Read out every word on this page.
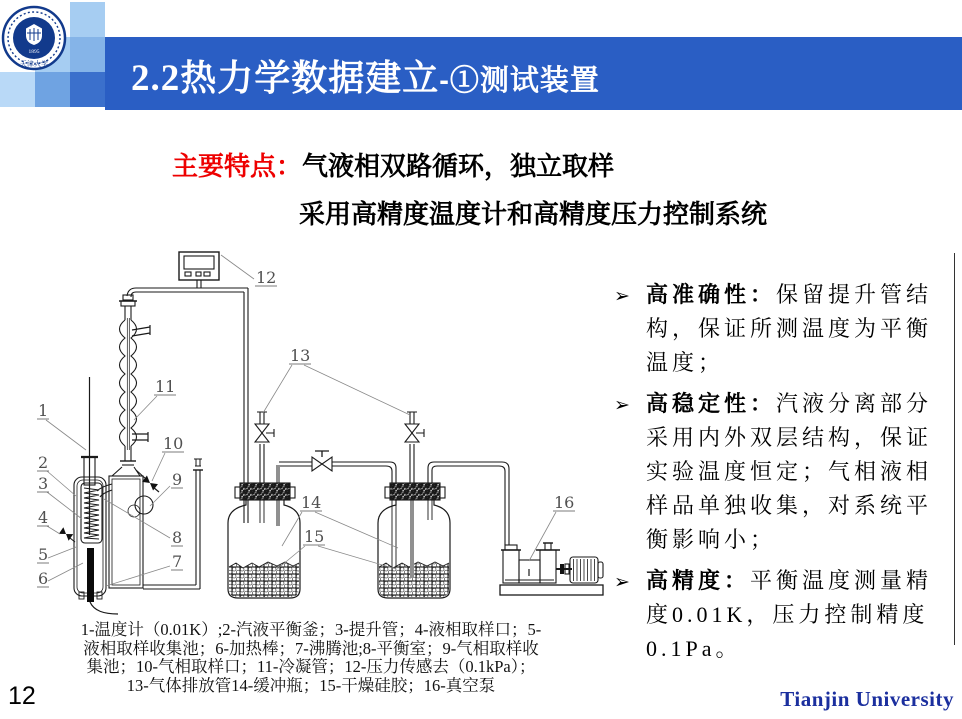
2.2 热力学数据建立 -①测试装置
1895
天津大学
主要特点： 气液相双路循环，独立取样
采用高精度温度计和高精度压力控制系统
➢ 高准确性：保留提升管结构，保证所测温度为平衡温度；
➢ 高稳定性：汽液分离部分采用内外双层结构，保证实验温度恒定；气相液相样品单独收集，对系统平衡影响小；
➢ 高精度：平衡温度测量精度0.01K，压力控制精度0.1Pa。
1
2
3
4
5
6
7
8
9
10
11
12
13
14
15
16
1-温度计（0.01K）;2-汽液平衡釜；3-提升管；4-液相取样口；5-
液相取样收集池；6-加热棒；7-沸腾池;8-平衡室；9-气相取样收
集池；10-气相取样口；11-冷凝管；12-压力传感去（0.1kPa）；
13-气体排放管14-缓冲瓶；15-干燥硅胶；16-真空泵
12	Tianjin University
